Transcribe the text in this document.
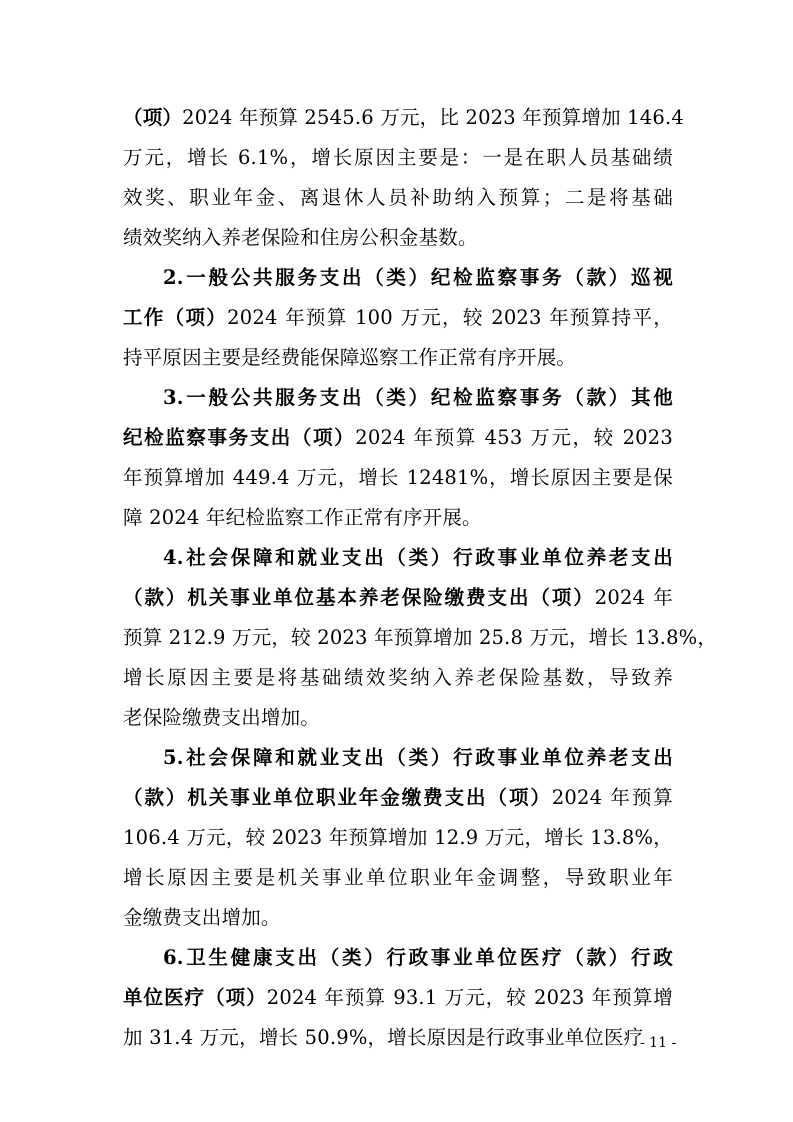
（项）2024 年预算 2545.6 万元，比 2023 年预算增加 146.4
万元，增长 6.1%，增长原因主要是：一是在职人员基础绩
效奖、职业年金、离退休人员补助纳入预算；二是将基础
绩效奖纳入养老保险和住房公积金基数。
2.一般公共服务支出（类）纪检监察事务（款）巡视
工作（项）2024 年预算 100 万元，较 2023 年预算持平，
持平原因主要是经费能保障巡察工作正常有序开展。
3.一般公共服务支出（类）纪检监察事务（款）其他
纪检监察事务支出（项）2024 年预算 453 万元，较 2023
年预算增加 449.4 万元，增长 12481%，增长原因主要是保
障 2024 年纪检监察工作正常有序开展。
4.社会保障和就业支出（类）行政事业单位养老支出
（款）机关事业单位基本养老保险缴费支出（项）2024 年
预算 212.9 万元，较 2023 年预算增加 25.8 万元，增长 13.8%，
增长原因主要是将基础绩效奖纳入养老保险基数，导致养
老保险缴费支出增加。
5.社会保障和就业支出（类）行政事业单位养老支出
（款）机关事业单位职业年金缴费支出（项）2024 年预算
106.4 万元，较 2023 年预算增加 12.9 万元，增长 13.8%，
增长原因主要是机关事业单位职业年金调整，导致职业年
金缴费支出增加。
6.卫生健康支出（类）行政事业单位医疗（款）行政
单位医疗（项）2024 年预算 93.1 万元，较 2023 年预算增
加 31.4 万元，增长 50.9%，增长原因是行政事业单位医疗
- 11 -
